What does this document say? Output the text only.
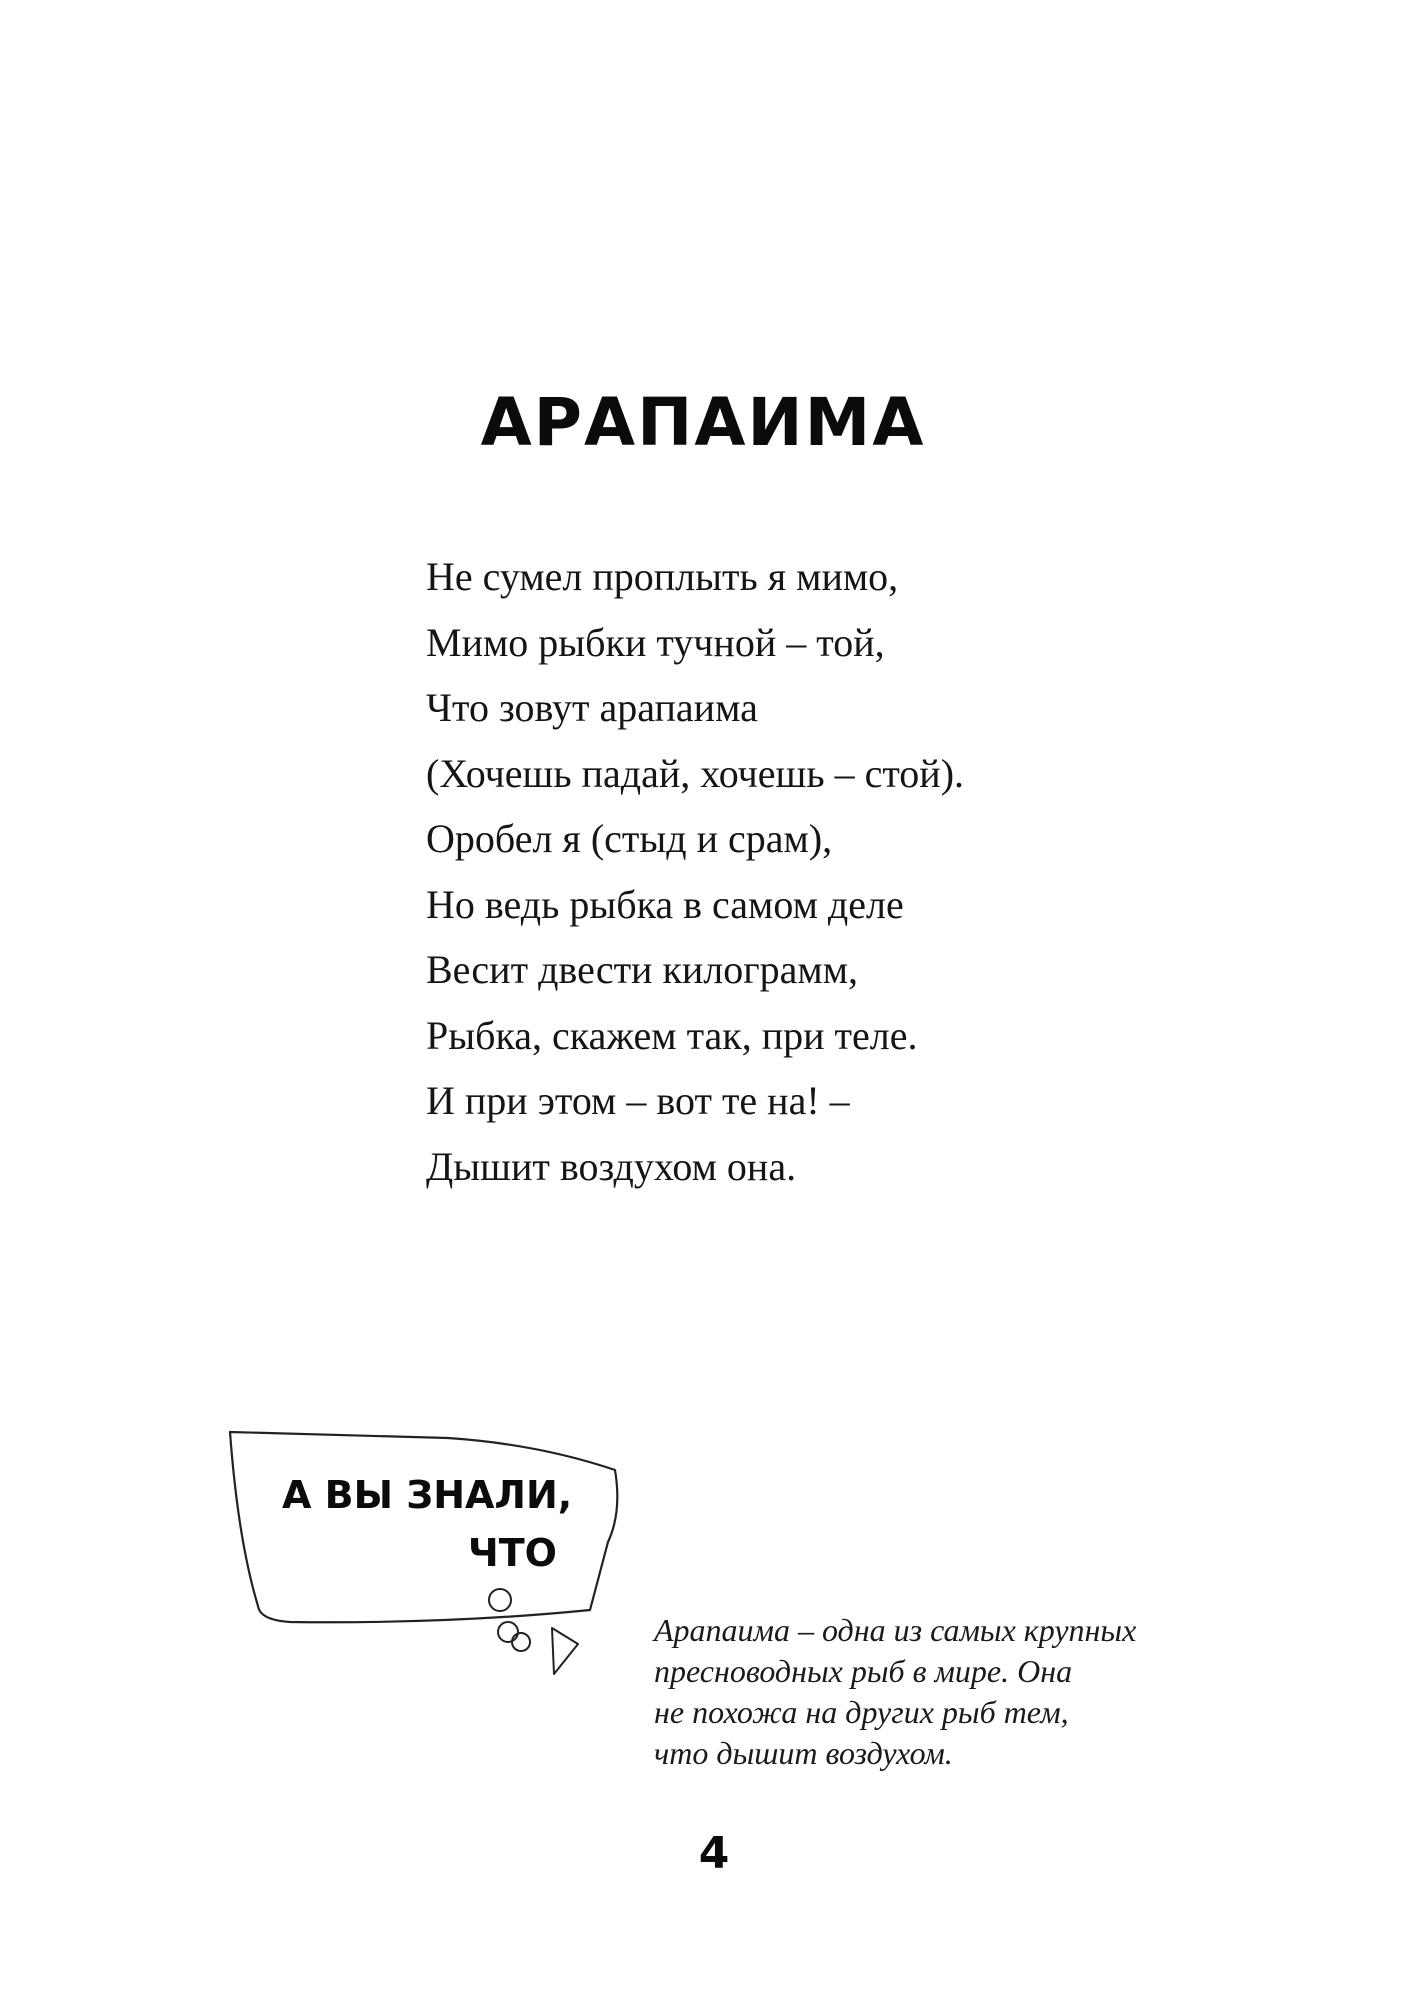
АРАПАИМА
Не сумел проплыть я мимо,
Мимо рыбки тучной – той,
Что зовут арапаима
(Хочешь падай, хочешь – стой).
Оробел я (стыд и срам),
Но ведь рыбка в самом деле
Весит двести килограмм,
Рыбка, скажем так, при теле.
И при этом – вот те на! –
Дышит воздухом она.
А ВЫ ЗНАЛИ,
ЧТО
Арапаима – одна из самых крупных
пресноводных рыб в мире. Она
не похожа на других рыб тем,
что дышит воздухом.
4
